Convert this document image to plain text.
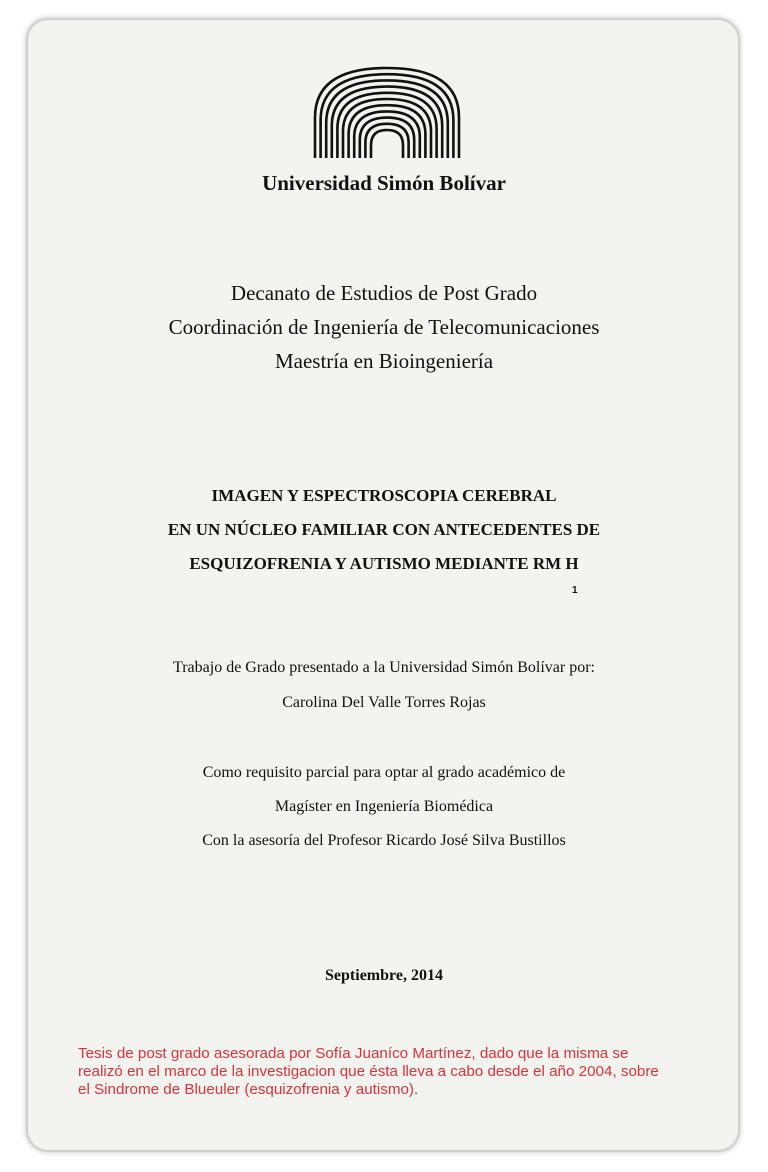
Universidad Simón Bolívar
Decanato de Estudios de Post Grado
Coordinación de Ingeniería de Telecomunicaciones
Maestría en Bioingeniería
IMAGEN Y ESPECTROSCOPIA CEREBRAL
EN UN NÚCLEO FAMILIAR CON ANTECEDENTES DE
ESQUIZOFRENIA Y AUTISMO MEDIANTE RM H
1
Trabajo de Grado presentado a la Universidad Simón Bolívar por:
Carolina Del Valle Torres Rojas
Como requisito parcial para optar al grado académico de
Magíster en Ingeniería Biomédica
Con la asesoría del Profesor Ricardo José Silva Bustillos
Septiembre, 2014
Tesis de post grado asesorada por Sofía Juaníco Martínez, dado que la misma se
realizó en el marco de la investigacion que ésta lleva a cabo desde el año 2004, sobre
el Sindrome de Blueuler (esquizofrenia y autismo).
